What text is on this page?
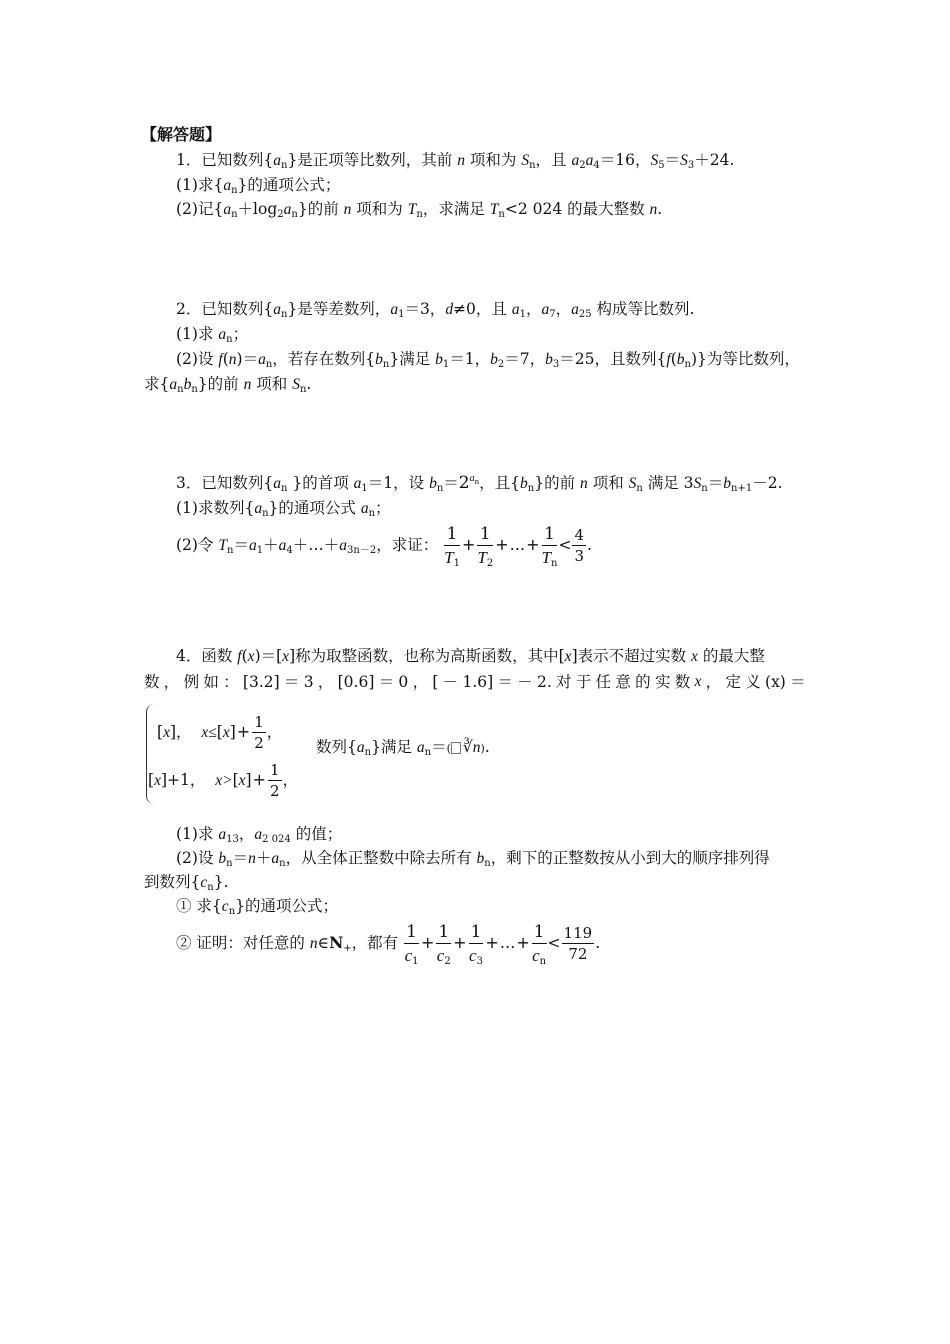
【解答题】
1．已知数列$\{a_n\}$是正项等比数列，其前 n 项和为 $S_n$，且 $a_2a_4=16$，$S_5=S_3+24$.
(1)求$\{a_n\}$的通项公式；
(2)记$\{a_n+\log_2a_n\}$的前 n 项和为 $T_n$，求满足 $T_n<2$ 024 的最大整数 n.
2．已知数列$\{a_n\}$是等差数列，$a_1=3$，d≠0，且 $a_1$，$a_7$，$a_{25}$ 构成等比数列.
(1)求 $a_n$；
(2)设 $f(n)=a_n$，若存在数列$\{b_n\}$满足 $b_1=1$，$b_2=7$，$b_3=25$，且数列$\{f(b_n)\}$为等比数列，
求$\{a_nb_n\}$的前 n 项和 $S_n$.
3．已知数列{$a_n$ }的首项 $a_1=1$，设 $b_n=2^{a_n}$，且$\{b_n\}$的前 n 项和 $S_n$ 满足 $3S_n=b_{n+1}-2$.
(1)求数列$\{a_n\}$的通项公式 $a_n$；
(2)令 $T_n=a_1+a_4+\dots+a_{3n-2}$，求证： $\frac{1}{T_1} + \frac{1}{T_2}$ +…+ $\frac{1}{T_n} < \frac{4}{3}$ .
4．函数 f(x)＝[x]称为取整函数，也称为高斯函数，其中[x]表示不超过实数 x 的最大整
数 ， 例 如 ： [3.2] ＝ 3 ， [0.6] ＝ 0 ， [ － 1.6] ＝ － 2. 对 于 任 意 的 实 数 x ， 定 义 (x) ＝
[x]， $x\le[x]+ \frac{1}{2}$ ，
[x]+1， $x>[x]+ \frac{1}{2}$ ，
数列$\{a_n\}$满足 $a_n=$( ∛n).
(1)求 $a_{13}$，$a_{2 024}$ 的值；
(2)设 $b_n=n+a_n$，从全体正整数中除去所有 $b_n$，剩下的正整数按从小到大的顺序排列得
到数列$\{c_n\}$.
① 求$\{c_n\}$的通项公式；
② 证明：对任意的 $n\in N_+$，都有 $\frac{1}{c_1} + \frac{1}{c_2} + \frac{1}{c_3}$ +…+ $\frac{1}{c_n} < \frac{119}{72}$ .
